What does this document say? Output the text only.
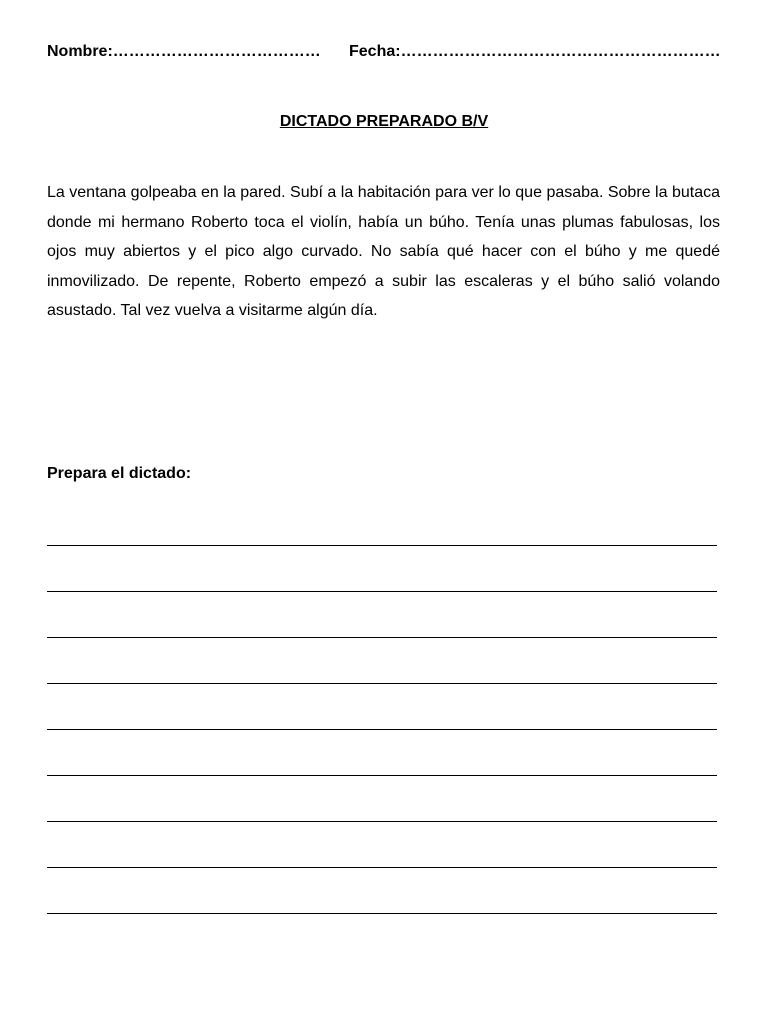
Nombre:………………………………… Fecha:……………………………………………………
DICTADO PREPARADO B/V
La ventana golpeaba en la pared. Subí a la habitación para ver lo que pasaba. Sobre la butaca donde mi hermano Roberto toca el violín, había un búho. Tenía unas plumas fabulosas, los ojos muy abiertos y el pico algo curvado. No sabía qué hacer con el búho y me quedé inmovilizado. De repente, Roberto empezó a subir las escaleras y el búho salió volando asustado. Tal vez vuelva a visitarme algún día.
Prepara el dictado:
